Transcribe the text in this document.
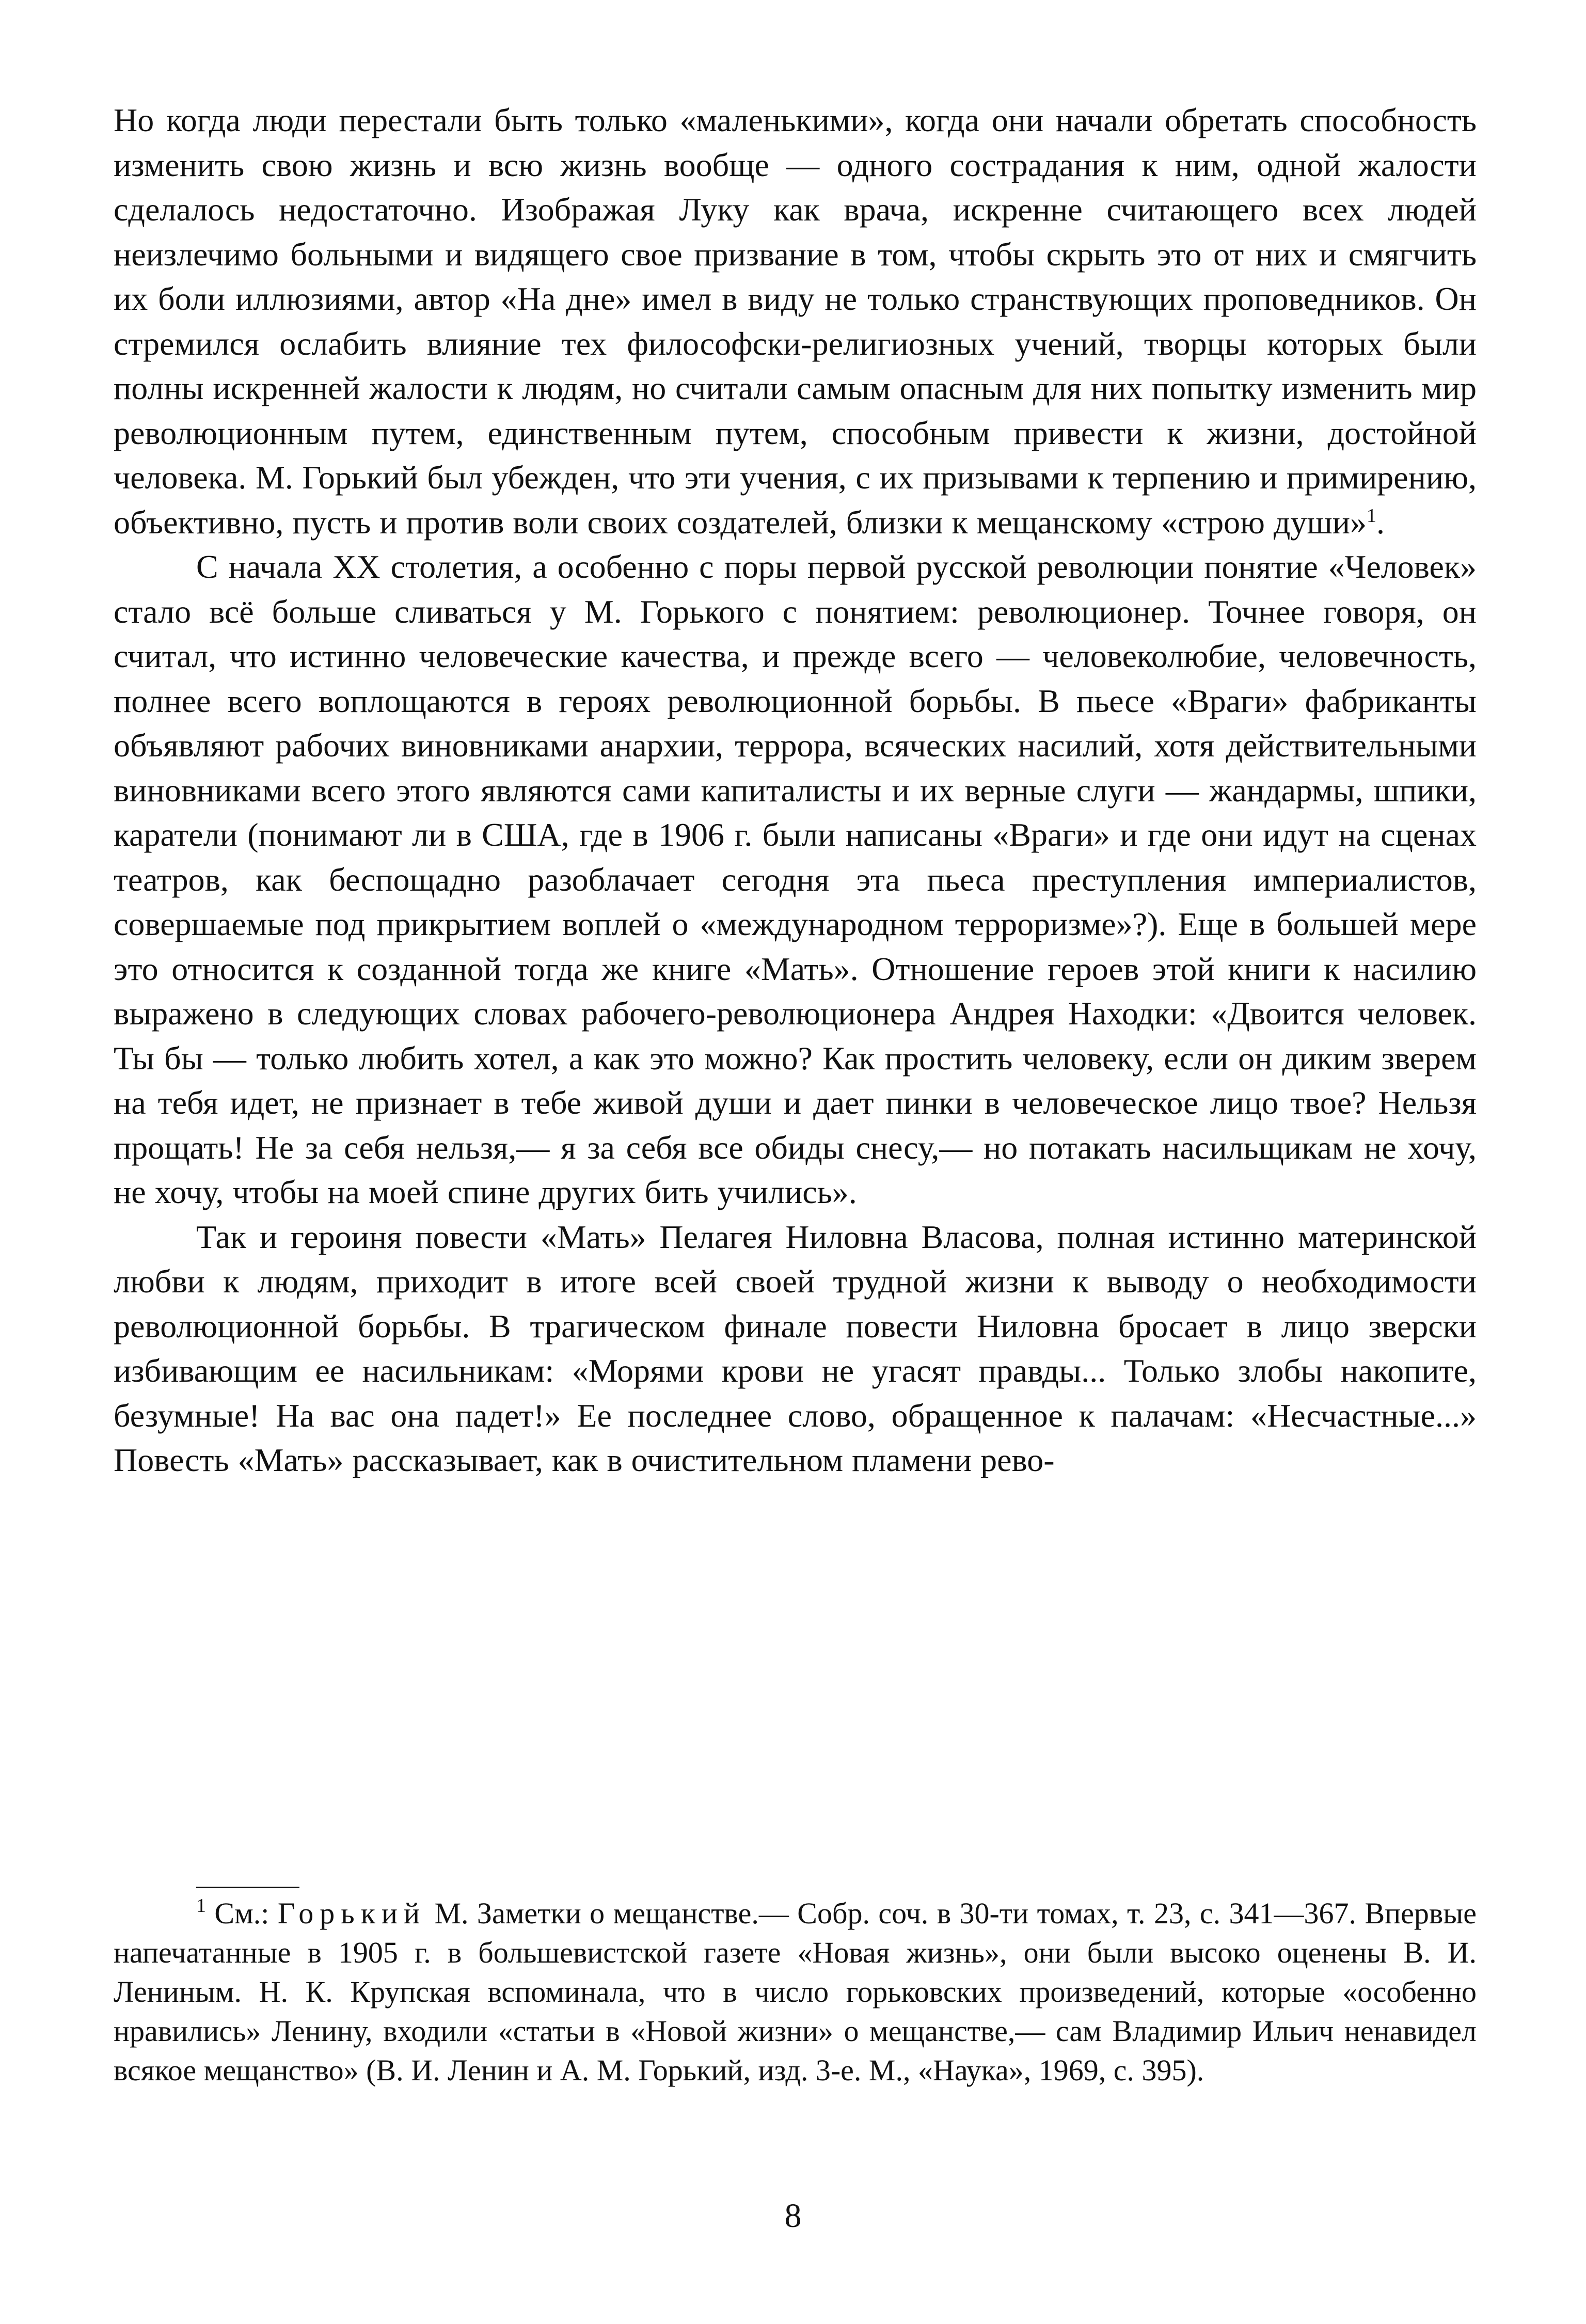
Но когда люди перестали быть только «маленькими», когда они начали обретать способность изменить свою жизнь и всю жизнь вообще — одного сострадания к ним, одной жалости сделалось недостаточно. Изображая Луку как врача, искренне считающего всех людей неизлечимо больными и видящего свое призвание в том, чтобы скрыть это от них и смягчить их боли иллюзиями, автор «На дне» имел в виду не только странствующих проповедников. Он стремился ослабить влияние тех философски-религиозных учений, творцы которых были полны искренней жалости к людям, но считали самым опасным для них попытку изменить мир революционным путем, единственным путем, способным привести к жизни, достойной человека. М. Горький был убежден, что эти учения, с их призывами к терпению и примирению, объективно, пусть и против воли своих создателей, близки к мещанскому «строю души»$^1$.

С начала XX столетия, а особенно с поры первой русской революции понятие «Человек» стало всё больше сливаться у М. Горького с понятием: революционер. Точнее говоря, он считал, что истинно человеческие качества, и прежде всего — человеколюбие, человечность, полнее всего воплощаются в героях революционной борьбы. В пьесе «Враги» фабриканты объявляют рабочих виновниками анархии, террора, всяческих насилий, хотя действительными виновниками всего этого являются сами капиталисты и их верные слуги — жандармы, шпики, каратели (понимают ли в США, где в 1906 г. были написаны «Враги» и где они идут на сценах театров, как беспощадно разоблачает сегодня эта пьеса преступления империалистов, совершаемые под прикрытием воплей о «международном терроризме»?). Еще в большей мере это относится к созданной тогда же книге «Мать». Отношение героев этой книги к насилию выражено в следующих словах рабочего-революционера Андрея Находки: «Двоится человек. Ты бы — только любить хотел, а как это можно? Как простить человеку, если он диким зверем на тебя идет, не признает в тебе живой души и дает пинки в человеческое лицо твое? Нельзя прощать! Не за себя нельзя,— я за себя все обиды снесу,— но потакать насильщикам не хочу, не хочу, чтобы на моей спине других бить учились».

Так и героиня повести «Мать» Пелагея Ниловна Власова, полная истинно материнской любви к людям, приходит в итоге всей своей трудной жизни к выводу о необходимости революционной борьбы. В трагическом финале повести Ниловна бросает в лицо зверски избивающим ее насильникам: «Морями крови не угасят правды... Только злобы накопите, безумные! На вас она падет!» Ее последнее слово, обращенное к палачам: «Несчастные...» Повесть «Мать» рассказывает, как в очистительном пламени рево-

$^1$ См.: Горький М. Заметки о мещанстве.— Собр. соч. в 30-ти томах, т. 23, с. 341—367. Впервые напечатанные в 1905 г. в большевистской газете «Новая жизнь», они были высоко оценены В. И. Лениным. Н. К. Крупская вспоминала, что в число горьковских произведений, которые «особенно нравились» Ленину, входили «статьи в «Новой жизни» о мещанстве,— сам Владимир Ильич ненавидел всякое мещанство» (В. И. Ленин и А. М. Горький, изд. 3-е. М., «Наука», 1969, с. 395).

8
